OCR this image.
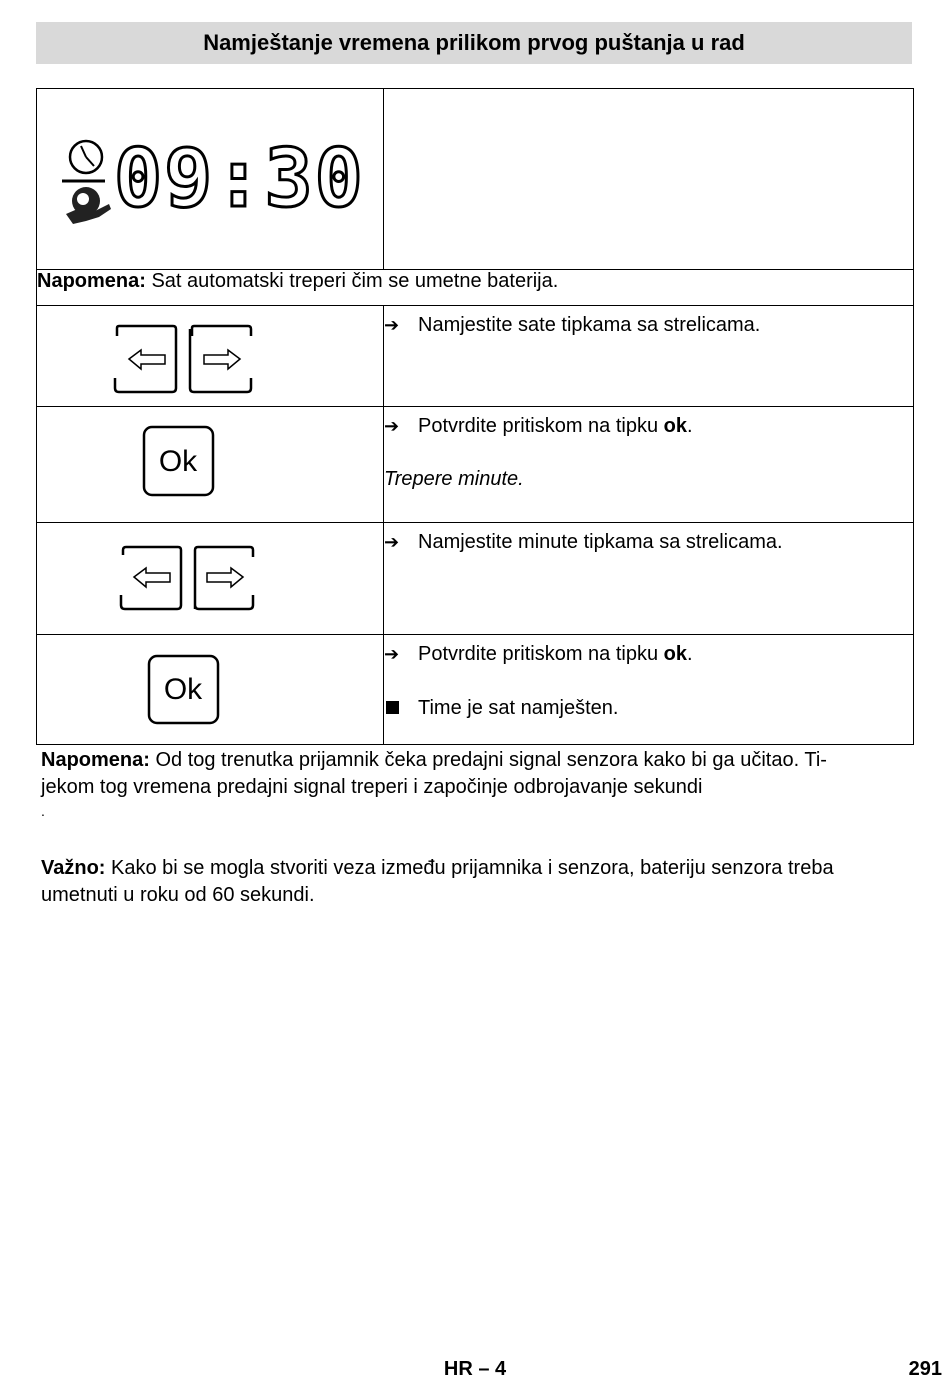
Namještanje vremena prilikom prvog puštanja u rad
09:30	

Napomena: Sat automatski treperi čim se umetne baterija.	

➔ Namjestite sate tipkama sa strelicama.

Ok	➔ Potvrdite pritiskom na tipku ok.
Trepere minute.

➔ Namjestite minute tipkama sa strelicama.

Ok	➔ Potvrdite pritiskom na tipku ok.
Time je sat namješten.
Napomena: Od tog trenutka prijamnik čeka predajni signal senzora kako bi ga učitao. Ti-
jekom tog vremena predajni signal treperi i započinje odbrojavanje sekundi
.
Važno: Kako bi se mogla stvoriti veza između prijamnika i senzora, bateriju senzora treba
umetnuti u roku od 60 sekundi.
HR – 4	291
